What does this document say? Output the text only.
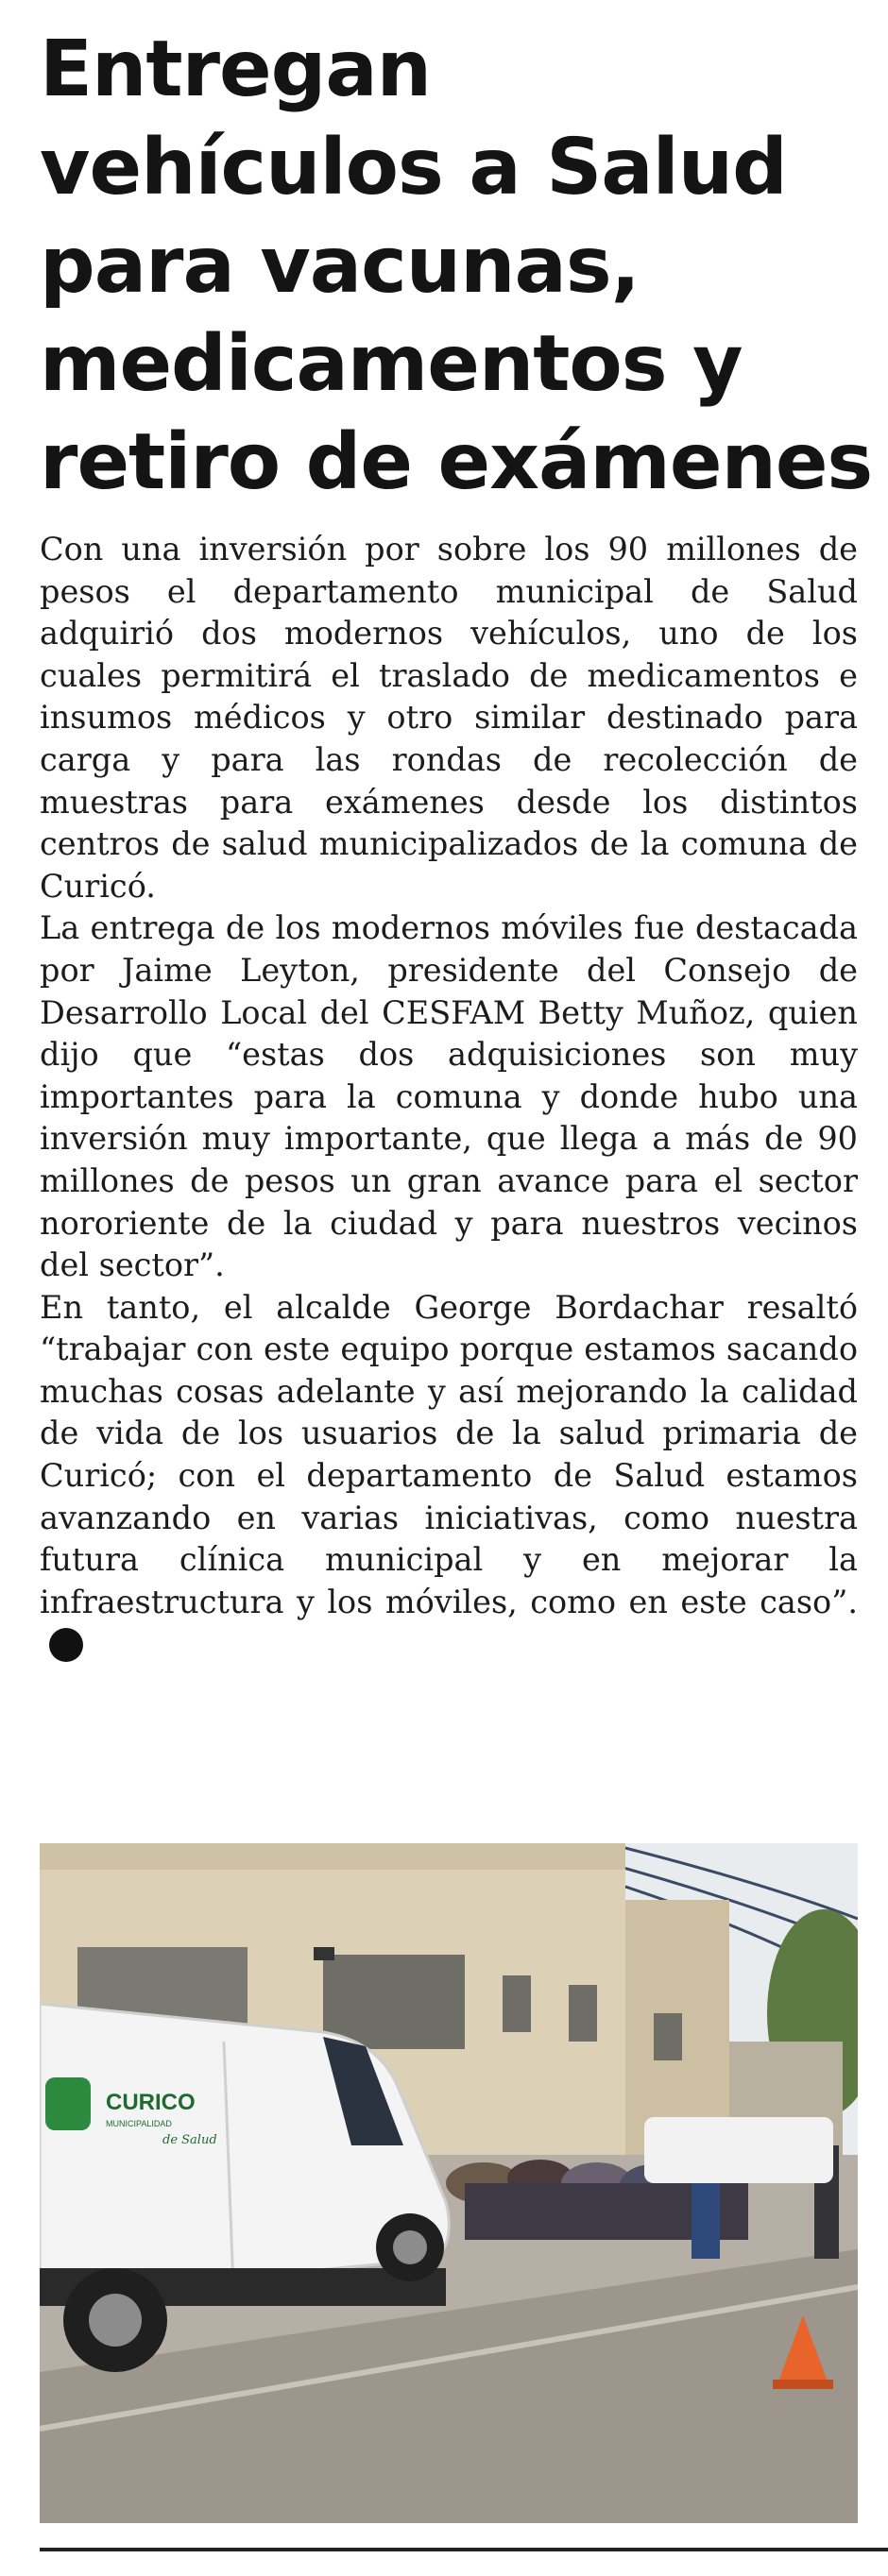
Entregan
vehículos a Salud
para vacunas,
medicamentos y
retiro de exámenes

Con una inversión por sobre los 90 millones de pesos el departamento municipal de Salud adquirió dos modernos vehículos, uno de los cuales permitirá el traslado de medicamentos e insumos médicos y otro similar destinado para carga y para las rondas de recolección de muestras para exámenes desde los distintos centros de salud municipalizados de la comuna de Curicó.

La entrega de los modernos móviles fue destacada por Jaime Leyton, presidente del Consejo de Desarrollo Local del CESFAM Betty Muñoz, quien dijo que “estas dos adquisiciones son muy importantes para la comuna y donde hubo una inversión muy importante, que llega a más de 90 millones de pesos un gran avance para el sector nororiente de la ciudad y para nuestros vecinos del sector”.

En tanto, el alcalde George Bordachar resaltó “trabajar con este equipo porque estamos sacando muchas cosas adelante y así mejorando la calidad de vida de los usuarios de la salud primaria de Curicó; con el departamento de Salud estamos avanzando en varias iniciativas, como nuestra futura clínica municipal y en mejorar la infraestructura y los móviles, como en este caso”.

CURICO
MUNICIPALIDAD
de Salud
